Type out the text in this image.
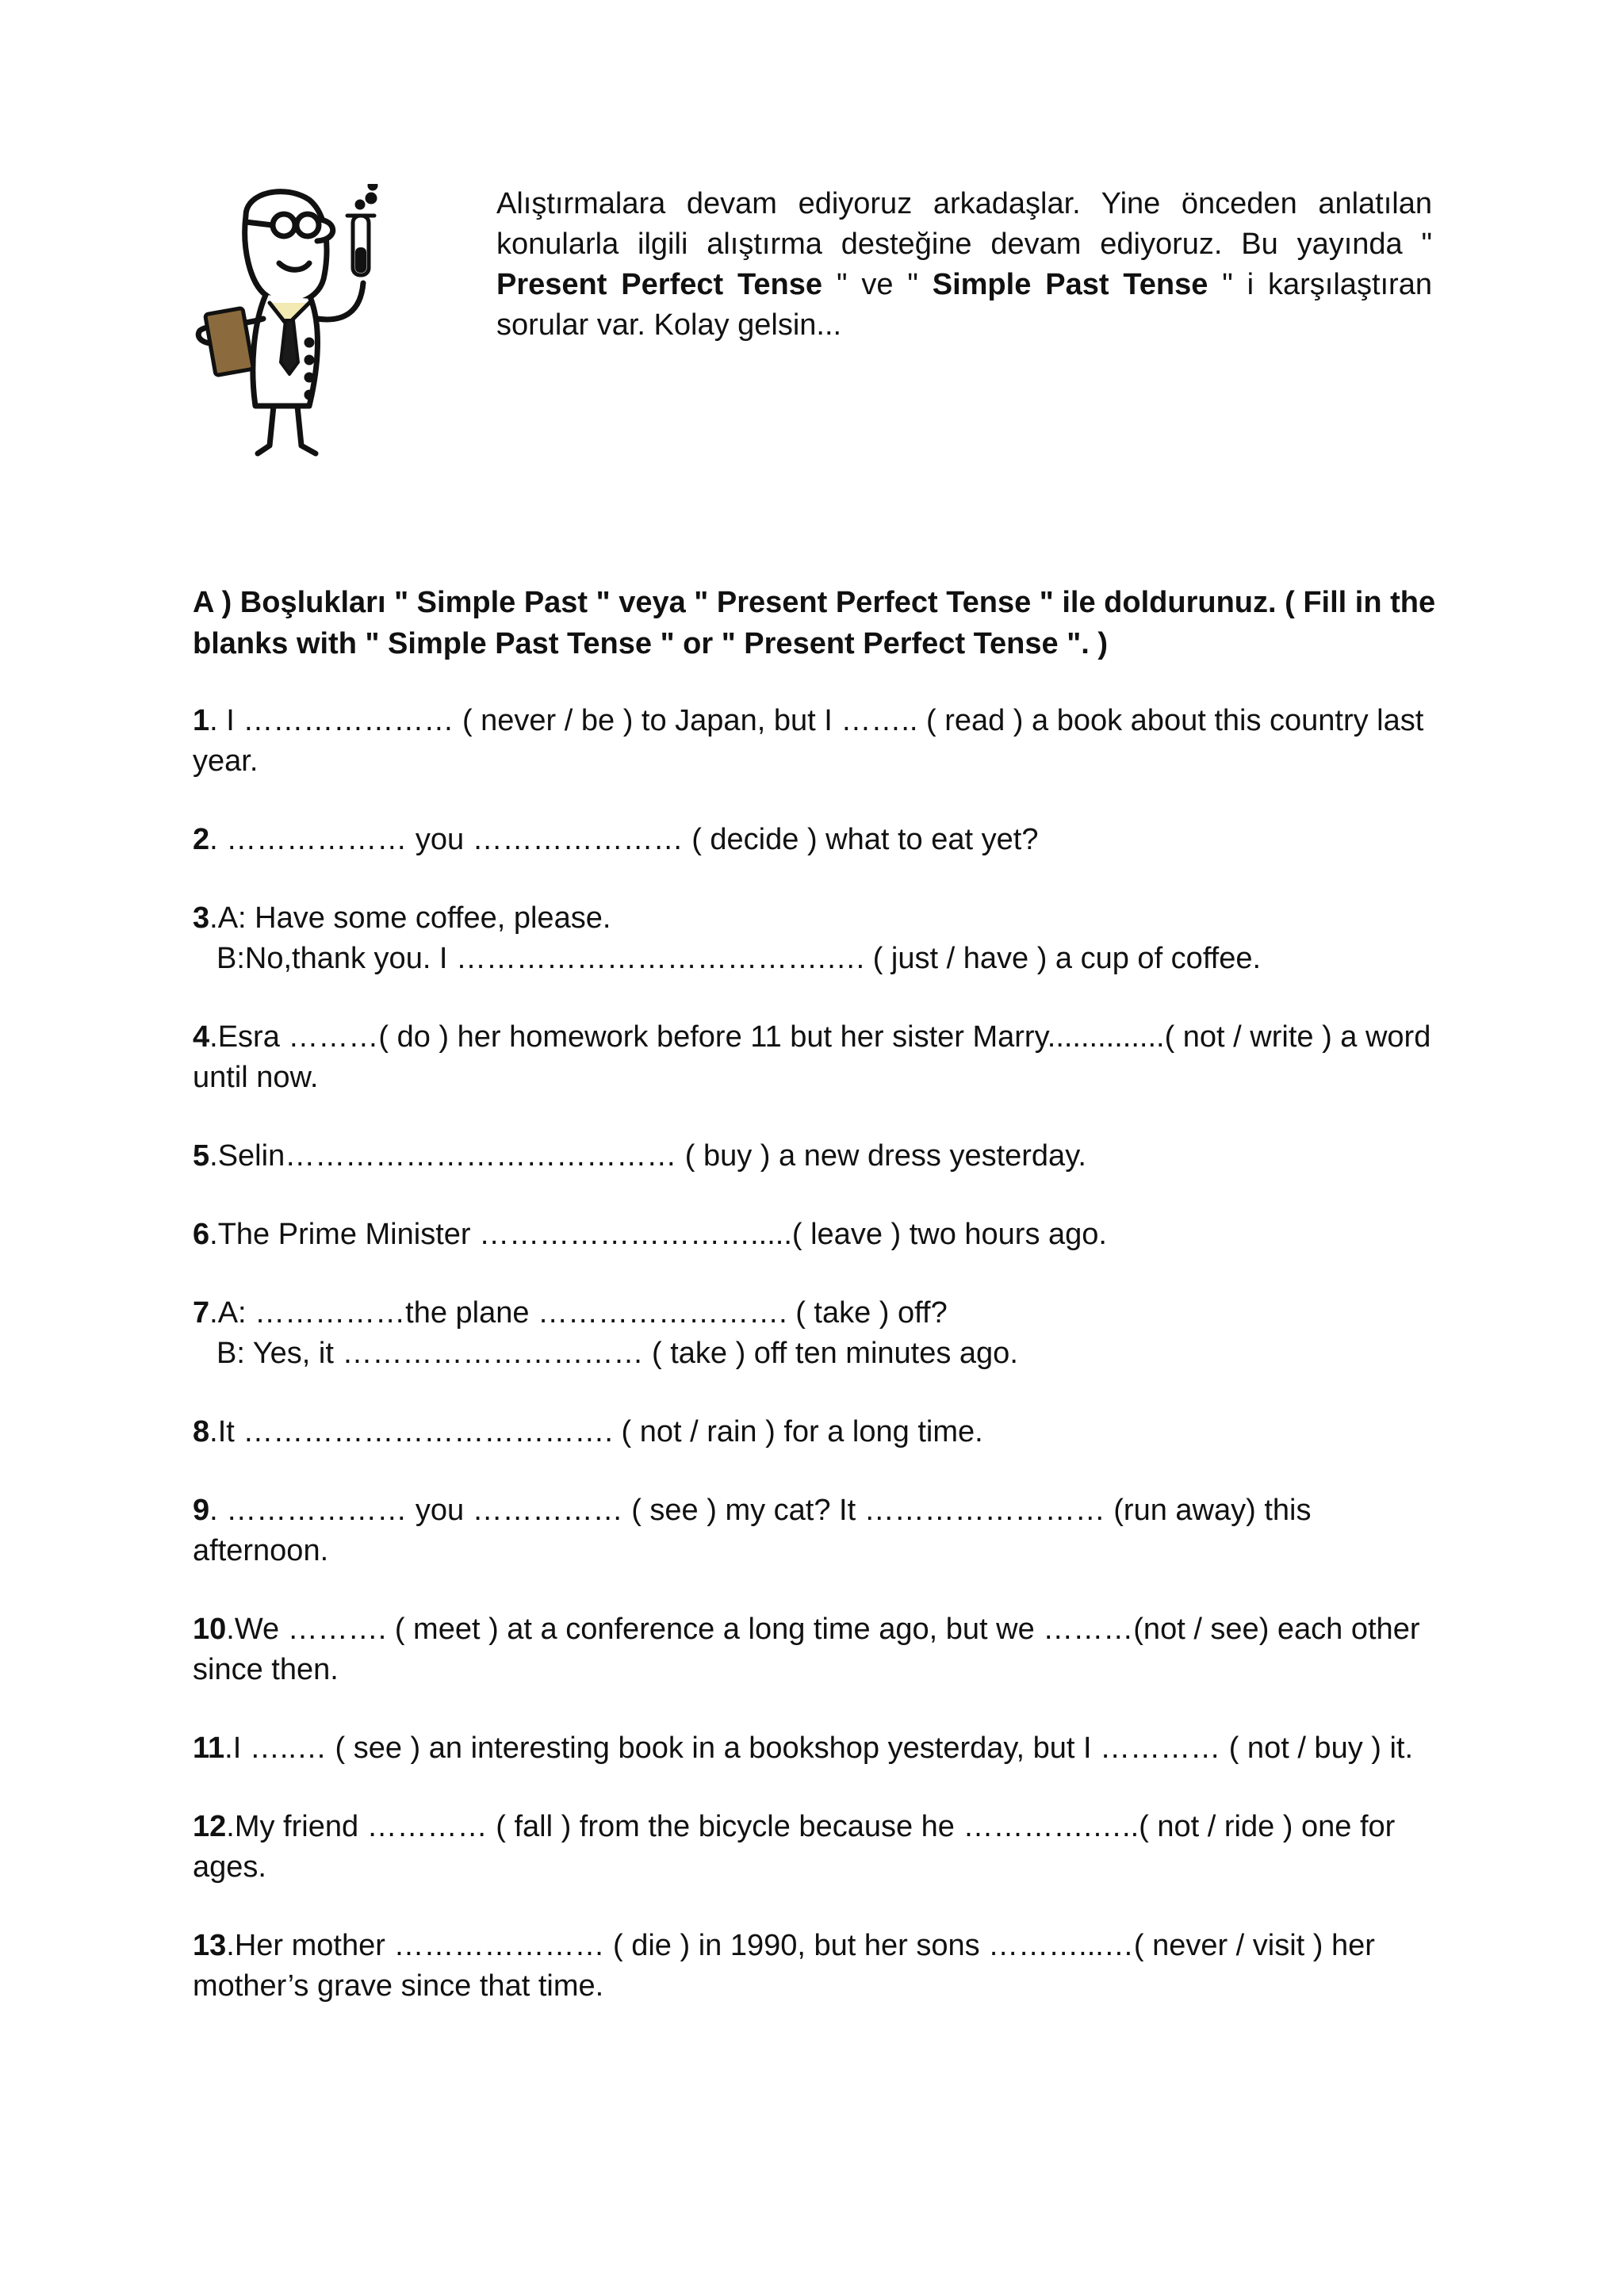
Alıştırmalara devam ediyoruz arkadaşlar. Yine önceden anlatılan konularla ilgili alıştırma desteğine devam ediyoruz. Bu yayında " Present Perfect Tense " ve " Simple Past Tense " i karşılaştıran sorular var. Kolay gelsin...

A ) Boşlukları " Simple Past " veya " Present Perfect Tense " ile doldurunuz. ( Fill in the blanks with " Simple Past Tense " or " Present Perfect Tense ". )

1. I ………………… ( never / be ) to Japan, but I …….. ( read ) a book about this country last year.

2. ……………… you ………………… ( decide ) what to eat yet?

3.A: Have some coffee, please.
B:No,thank you. I ……………………………….…. ( just / have ) a cup of coffee.

4.Esra ………( do ) her homework before 11 but her sister Marry..............( not / write ) a word until now.

5.Selin………………………………… ( buy ) a new dress yesterday.

6.The Prime Minister ……………………….....( leave ) two hours ago.

7.A: ……………the plane ……………………. ( take ) off?
B: Yes, it ………………………… ( take ) off ten minutes ago.

8.It ………………………………. ( not / rain ) for a long time.

9. ……………… you …………… ( see ) my cat? It …………………… (run away) this afternoon.

10.We ………. ( meet ) at a conference a long time ago, but we ………(not / see) each other since then.

11.I …..… ( see ) an interesting book in a bookshop yesterday, but I ………… ( not / buy ) it.

12.My friend ………… ( fall ) from the bicycle because he ………….…..( not / ride ) one for ages.

13.Her mother ………………… ( die ) in 1990, but her sons ………...…( never / visit ) her mother’s grave since that time.
